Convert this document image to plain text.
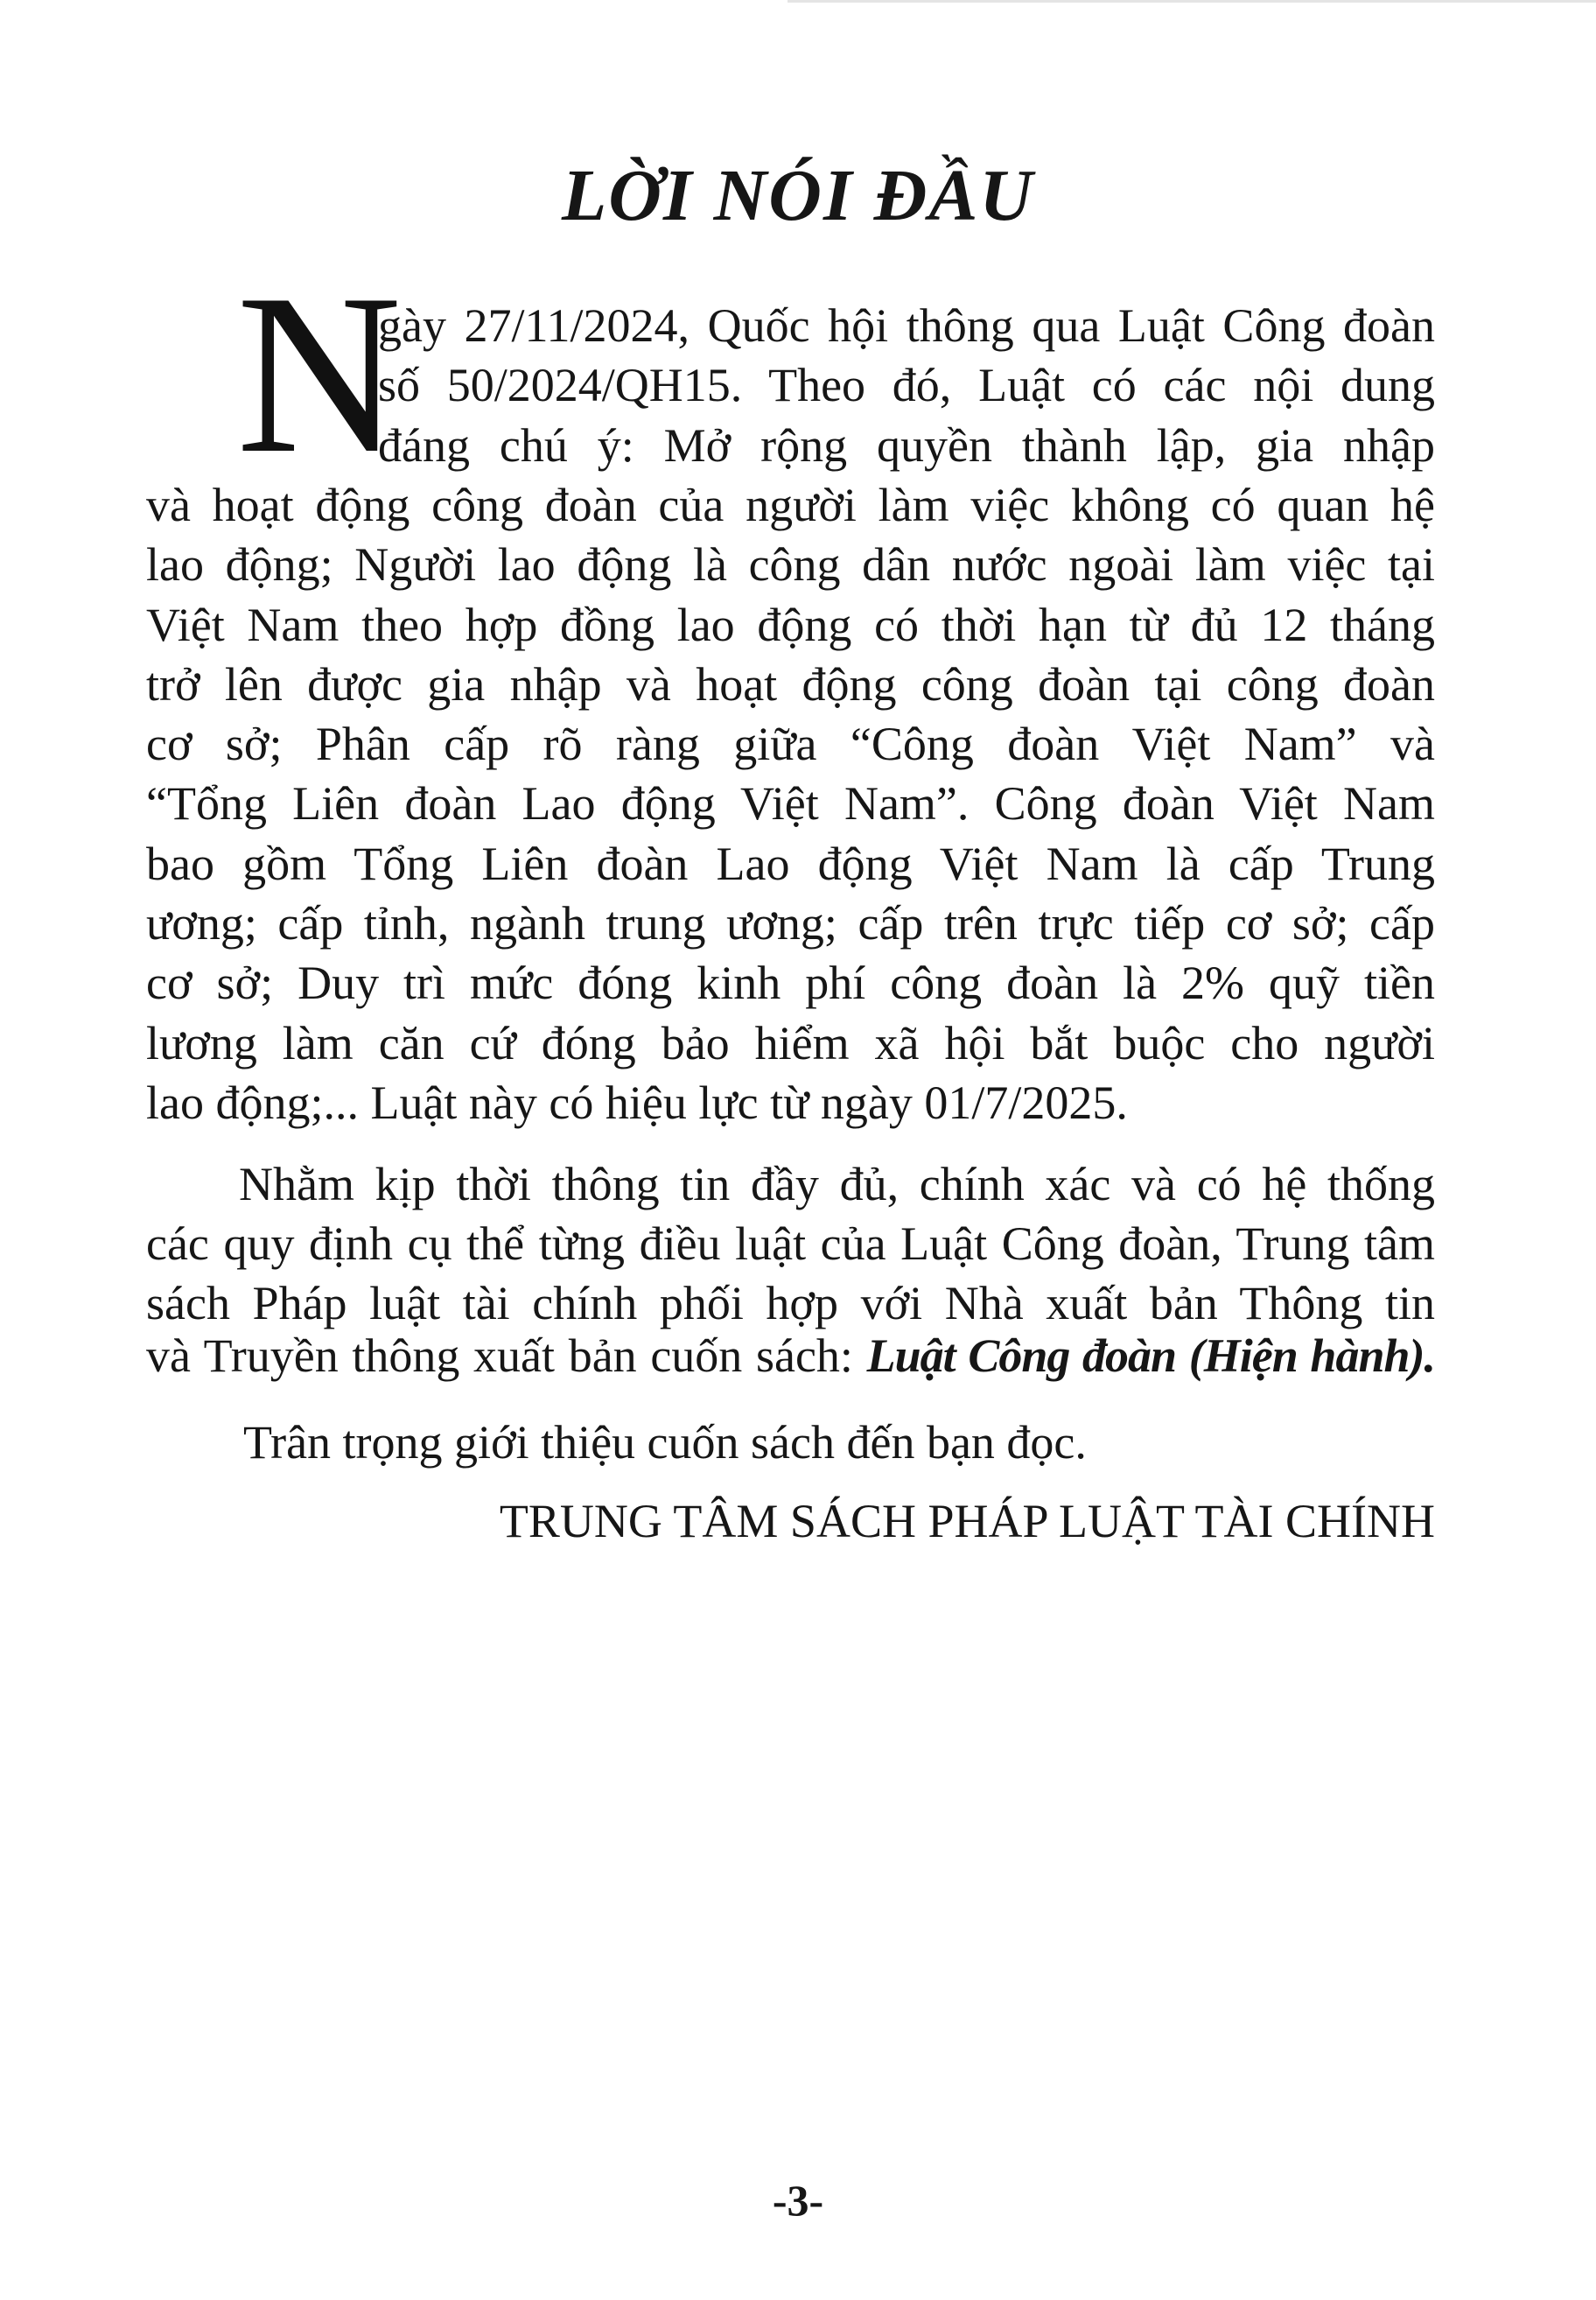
LỜI NÓI ĐẦU
N
gày 27/11/2024, Quốc hội thông qua Luật Công đoàn
số 50/2024/QH15. Theo đó, Luật có các nội dung
đáng chú ý: Mở rộng quyền thành lập, gia nhập
và hoạt động công đoàn của người làm việc không có quan hệ
lao động; Người lao động là công dân nước ngoài làm việc tại
Việt Nam theo hợp đồng lao động có thời hạn từ đủ 12 tháng
trở lên được gia nhập và hoạt động công đoàn tại công đoàn
cơ sở; Phân cấp rõ ràng giữa “Công đoàn Việt Nam” và
“Tổng Liên đoàn Lao động Việt Nam”. Công đoàn Việt Nam
bao gồm Tổng Liên đoàn Lao động Việt Nam là cấp Trung
ương; cấp tỉnh, ngành trung ương; cấp trên trực tiếp cơ sở; cấp
cơ sở; Duy trì mức đóng kinh phí công đoàn là 2% quỹ tiền
lương làm căn cứ đóng bảo hiểm xã hội bắt buộc cho người
lao động;... Luật này có hiệu lực từ ngày 01/7/2025.
Nhằm kịp thời thông tin đầy đủ, chính xác và có hệ thống
các quy định cụ thể từng điều luật của Luật Công đoàn, Trung tâm
sách Pháp luật tài chính phối hợp với Nhà xuất bản Thông tin
và Truyền thông xuất bản cuốn sách: Luật Công đoàn (Hiện hành).
Trân trọng giới thiệu cuốn sách đến bạn đọc.
TRUNG TÂM SÁCH PHÁP LUẬT TÀI CHÍNH
-3-
